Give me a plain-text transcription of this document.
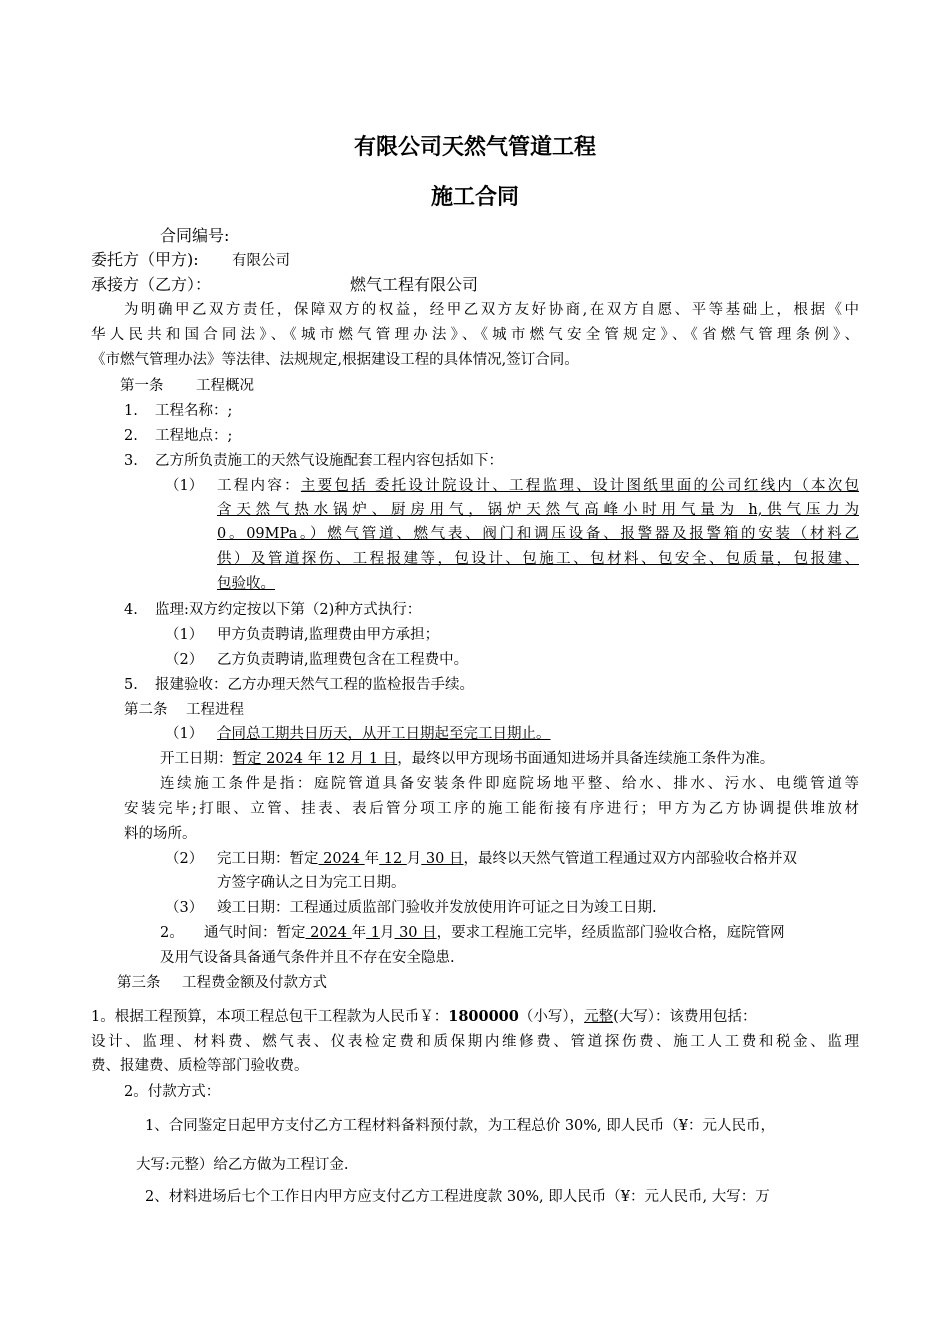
有限公司天然气管道工程
施工合同
合同编号:
委托方（甲方): 有限公司
承接方（乙方）：	燃气工程有限公司
为明确甲乙双方责任，保障双方的权益，经甲乙双方友好协商,在双方自愿、平等基础上，根据《中
华人民共和国合同法》、《城市燃气管理办法》、《城市燃气安全管规定》、《省燃气管理条例》、
《市燃气管理办法》等法律、法规规定,根据建设工程的具体情况,签订合同。
第一条 工程概况
1. 工程名称：;
2. 工程地点：;
3. 乙方所负责施工的天然气设施配套工程内容包括如下：
（1） 工程内容：主要包括 委托设计院设计、工程监理、设计图纸里面的公司红线内（本次包
含天然气热水锅炉、厨房用气，锅炉天然气高峰小时用气量为 h,供气压力为
0。09MPa。）燃气管道、燃气表、阀门和调压设备、报警器及报警箱的安装（材料乙
供）及管道探伤、工程报建等，包设计、包施工、包材料、包安全、包质量，包报建、
包验收。
4. 监理:双方约定按以下第（2)种方式执行：
（1） 甲方负责聘请,监理费由甲方承担；
（2） 乙方负责聘请,监理费包含在工程费中。
5. 报建验收：乙方办理天然气工程的监检报告手续。
第二条 工程进程
（1） 合同总工期共日历天，从开工日期起至完工日期止。
开工日期：暂定 2024 年 12 月 1 日，最终以甲方现场书面通知进场并具备连续施工条件为准。
连续施工条件是指：庭院管道具备安装条件即庭院场地平整、给水、排水、污水、电缆管道等
安装完毕;打眼、立管、挂表、表后管分项工序的施工能衔接有序进行；甲方为乙方协调提供堆放材
料的场所。
（2） 完工日期：暂定 2024 年 12 月 30 日，最终以天然气管道工程通过双方内部验收合格并双
方签字确认之日为完工日期。
（3） 竣工日期：工程通过质监部门验收并发放使用许可证之日为竣工日期.
2。 通气时间：暂定 2024 年 1月 30 日，要求工程施工完毕，经质监部门验收合格，庭院管网
及用气设备具备通气条件并且不存在安全隐患.
第三条 工程费金额及付款方式
1。根据工程预算，本项工程总包干工程款为人民币￥：1800000（小写），元整(大写）：该费用包括：
设计、监理、材料费、燃气表、仪表检定费和质保期内维修费、管道探伤费、施工人工费和税金、监理
费、报建费、质检等部门验收费。
2。付款方式：
1、合同鉴定日起甲方支付乙方工程材料备料预付款，为工程总价 30%, 即人民币（¥：元人民币，
大写:元整）给乙方做为工程订金.
2、材料进场后七个工作日内甲方应支付乙方工程进度款 30%, 即人民币（¥：元人民币, 大写：万
